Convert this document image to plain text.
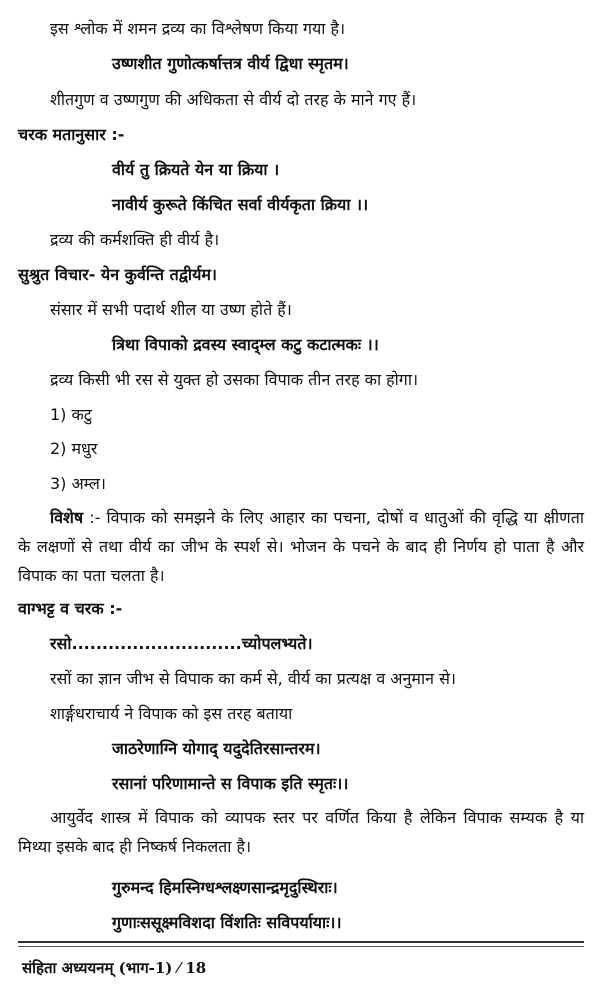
इस श्लोक में शमन द्रव्य का विश्लेषण किया गया है।
उष्णशीत गुणोत्कर्षात्तत्र वीर्य द्विधा स्मृतम।
शीतगुण व उष्णगुण की अधिकता से वीर्य दो तरह के माने गए हैं।
चरक मतानुसार :-
वीर्य तु क्रियते येन या क्रिया ।
नावीर्य कुरूते किंचित सर्वा वीर्यकृता क्रिया ।।
द्रव्य की कर्मशक्ति ही वीर्य है।
सुश्रुत विचार- येन कुर्वन्ति तद्वीर्यम।
संसार में सभी पदार्थ शील या उष्ण होते हैं।
त्रिथा विपाको द्रवस्य स्वाद्म्ल कटु कटात्मकः ।।
द्रव्य किसी भी रस से युक्त हो उसका विपाक तीन तरह का होगा।
1) कटु
2) मधुर
3) अम्ल।
विशेष :- विपाक को समझने के लिए आहार का पचना, दोषों व धातुओं की वृद्धि या क्षीणता के लक्षणों से तथा वीर्य का जीभ के स्पर्श से। भोजन के पचने के बाद ही निर्णय हो पाता है और विपाक का पता चलता है।
वाग्भट्ट व चरक :-
रसो............................च्योपलभ्यते।
रसों का ज्ञान जीभ से विपाक का कर्म से, वीर्य का प्रत्यक्ष व अनुमान से।
शार्ङ्गधराचार्य ने विपाक को इस तरह बताया
जाठरेणाग्नि योगाद् यदुदेतिरसान्तरम।
रसानां परिणामान्ते स विपाक इति स्मृतः।।
आयुर्वेद शास्त्र में विपाक को व्यापक स्तर पर वर्णित किया है लेकिन विपाक सम्यक है या मिथ्या इसके बाद ही निष्कर्ष निकलता है।
गुरुमन्द हिमस्निग्धश्लक्ष्णसान्द्रमृदुस्थिराः।
गुणाःससूक्ष्मविशदा विंशतिः सविपर्यायाः।।
संहिता अध्ययनम् (भाग-1) ⁄ 18
